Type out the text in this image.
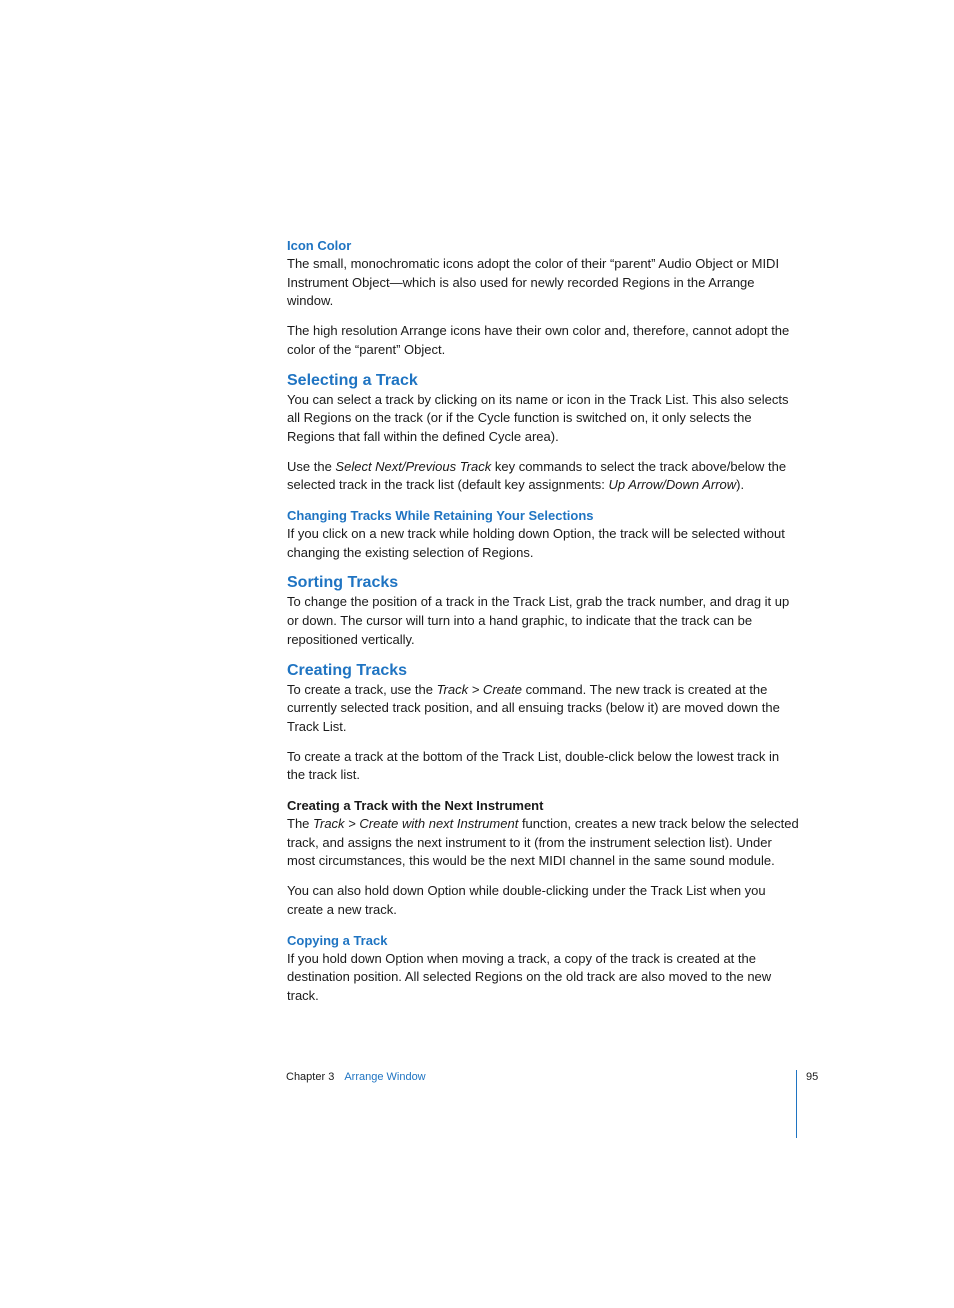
Icon Color

The small, monochromatic icons adopt the color of their “parent” Audio Object or MIDI Instrument Object—which is also used for newly recorded Regions in the Arrange window.

The high resolution Arrange icons have their own color and, therefore, cannot adopt the color of the “parent” Object.

Selecting a Track

You can select a track by clicking on its name or icon in the Track List. This also selects all Regions on the track (or if the Cycle function is switched on, it only selects the Regions that fall within the defined Cycle area).

Use the Select Next/Previous Track key commands to select the track above/below the selected track in the track list (default key assignments: Up Arrow/Down Arrow).

Changing Tracks While Retaining Your Selections

If you click on a new track while holding down Option, the track will be selected without changing the existing selection of Regions.

Sorting Tracks

To change the position of a track in the Track List, grab the track number, and drag it up or down. The cursor will turn into a hand graphic, to indicate that the track can be repositioned vertically.

Creating Tracks

To create a track, use the Track > Create command. The new track is created at the currently selected track position, and all ensuing tracks (below it) are moved down the Track List.

To create a track at the bottom of the Track List, double-click below the lowest track in the track list.

Creating a Track with the Next Instrument

The Track > Create with next Instrument function, creates a new track below the selected track, and assigns the next instrument to it (from the instrument selection list). Under most circumstances, this would be the next MIDI channel in the same sound module.

You can also hold down Option while double-clicking under the Track List when you create a new track.

Copying a Track

If you hold down Option when moving a track, a copy of the track is created at the destination position. All selected Regions on the old track are also moved to the new track.

Chapter 3 Arrange Window	95
